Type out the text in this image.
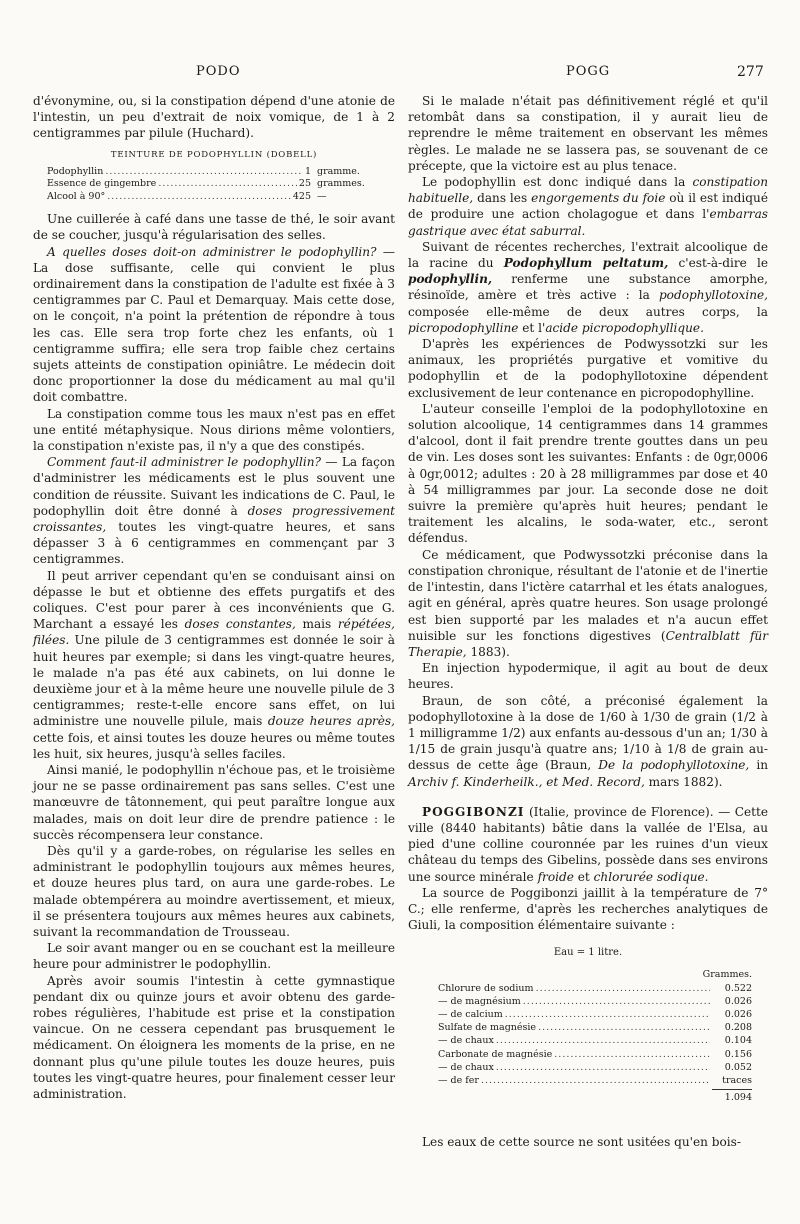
PODO	POGG	277

d'évonymine, ou, si la constipation dépend d'une atonie de l'intestin, un peu d'extrait de noix vomique, de 1 à 2 centigrammes par pilule (Huchard).

TEINTURE DE PODOPHYLLIN (DOBELL)
Podophyllin .....	1 gramme.
Essence de gingembre .....	25 grammes.
Alcool à 90° .....	425 —

Une cuillerée à café dans une tasse de thé, le soir avant de se coucher, jusqu'à régularisation des selles.

A quelles doses doit-on administrer le podophyllin? — La dose suffisante, celle qui convient le plus ordinairement dans la constipation de l'adulte est fixée à 3 centigrammes par C. Paul et Demarquay. Mais cette dose, on le conçoit, n'a point la prétention de répondre à tous les cas. Elle sera trop forte chez les enfants, où 1 centigramme suffira; elle sera trop faible chez certains sujets atteints de constipation opiniâtre. Le médecin doit donc proportionner la dose du médicament au mal qu'il doit combattre.

La constipation comme tous les maux n'est pas en effet une entité métaphysique. Nous dirions même volontiers, la constipation n'existe pas, il n'y a que des constipés.

Comment faut-il administrer le podophyllin? — La façon d'administrer les médicaments est le plus souvent une condition de réussite. Suivant les indications de C. Paul, le podophyllin doit être donné à doses progressivement croissantes, toutes les vingt-quatre heures, et sans dépasser 3 à 6 centigrammes en commençant par 3 centigrammes.

Il peut arriver cependant qu'en se conduisant ainsi on dépasse le but et obtienne des effets purgatifs et des coliques. C'est pour parer à ces inconvénients que G. Marchant a essayé les doses constantes, mais répétées, filées. Une pilule de 3 centigrammes est donnée le soir à huit heures par exemple; si dans les vingt-quatre heures, le malade n'a pas été aux cabinets, on lui donne le deuxième jour et à la même heure une nouvelle pilule de 3 centigrammes; reste-t-elle encore sans effet, on lui administre une nouvelle pilule, mais douze heures après, cette fois, et ainsi toutes les douze heures ou même toutes les huit, six heures, jusqu'à selles faciles.

Ainsi manié, le podophyllin n'échoue pas, et le troisième jour ne se passe ordinairement pas sans selles. C'est une manœuvre de tâtonnement, qui peut paraître longue aux malades, mais on doit leur dire de prendre patience : le succès récompensera leur constance.

Dès qu'il y a garde-robes, on régularise les selles en administrant le podophyllin toujours aux mêmes heures, et douze heures plus tard, on aura une garde-robes. Le malade obtempérera au moindre avertissement, et mieux, il se présentera toujours aux mêmes heures aux cabinets, suivant la recommandation de Trousseau.

Le soir avant manger ou en se couchant est la meilleure heure pour administrer le podophyllin.

Après avoir soumis l'intestin à cette gymnastique pendant dix ou quinze jours et avoir obtenu des garde-robes régulières, l'habitude est prise et la constipation vaincue. On ne cessera cependant pas brusquement le médicament. On éloignera les moments de la prise, en ne donnant plus qu'une pilule toutes les douze heures, puis toutes les vingt-quatre heures, pour finalement cesser leur administration.

Si le malade n'était pas définitivement réglé et qu'il retombât dans sa constipation, il y aurait lieu de reprendre le même traitement en observant les mêmes règles. Le malade ne se lassera pas, se souvenant de ce précepte, que la victoire est au plus tenace.

Le podophyllin est donc indiqué dans la constipation habituelle, dans les engorgements du foie où il est indiqué de produire une action cholagogue et dans l'embarras gastrique avec état saburral.

Suivant de récentes recherches, l'extrait alcoolique de la racine du Podophyllum peltatum, c'est-à-dire le podophyllin, renferme une substance amorphe, résinoïde, amère et très active : la podophyllotoxine, composée elle-même de deux autres corps, la picropodophylline et l'acide picropodophyllique.

D'après les expériences de Podwyssotzki sur les animaux, les propriétés purgative et vomitive du podophyllin et de la podophyllotoxine dépendent exclusivement de leur contenance en picropodophylline.

L'auteur conseille l'emploi de la podophyllotoxine en solution alcoolique, 14 centigrammes dans 14 grammes d'alcool, dont il fait prendre trente gouttes dans un peu de vin. Les doses sont les suivantes: Enfants : de 0gr,0006 à 0gr,0012; adultes : 20 à 28 milligrammes par dose et 40 à 54 milligrammes par jour. La seconde dose ne doit suivre la première qu'après huit heures; pendant le traitement les alcalins, le soda-water, etc., seront défendus.

Ce médicament, que Podwyssotzki préconise dans la constipation chronique, résultant de l'atonie et de l'inertie de l'intestin, dans l'ictère catarrhal et les états analogues, agit en général, après quatre heures. Son usage prolongé est bien supporté par les malades et n'a aucun effet nuisible sur les fonctions digestives (Centralblatt für Therapie, 1883).

En injection hypodermique, il agit au bout de deux heures.

Braun, de son côté, a préconisé également la podophyllotoxine à la dose de 1/60 à 1/30 de grain (1/2 à 1 milligramme 1/2) aux enfants au-dessous d'un an; 1/30 à 1/15 de grain jusqu'à quatre ans; 1/10 à 1/8 de grain au-dessus de cette âge (Braun, De la podophyllotoxine, in Archiv f. Kinderheilk., et Med. Record, mars 1882).

POGGIBONZI (Italie, province de Florence). — Cette ville (8440 habitants) bâtie dans la vallée de l'Elsa, au pied d'une colline couronnée par les ruines d'un vieux château du temps des Gibelins, possède dans ses environs une source minérale froide et chlorurée sodique.

La source de Poggibonzi jaillit à la température de 7° C.; elle renferme, d'après les recherches analytiques de Giuli, la composition élémentaire suivante :

Eau = 1 litre.
Grammes.
Chlorure de sodium .....	0.522
— de magnésium .....	0.026
— de calcium .....	0.026
Sulfate de magnésie .....	0.208
— de chaux .....	0.104
Carbonate de magnésie .....	0.156
— de chaux .....	0.052
— de fer .....	traces
1.094

Les eaux de cette source ne sont usitées qu'en bois-
